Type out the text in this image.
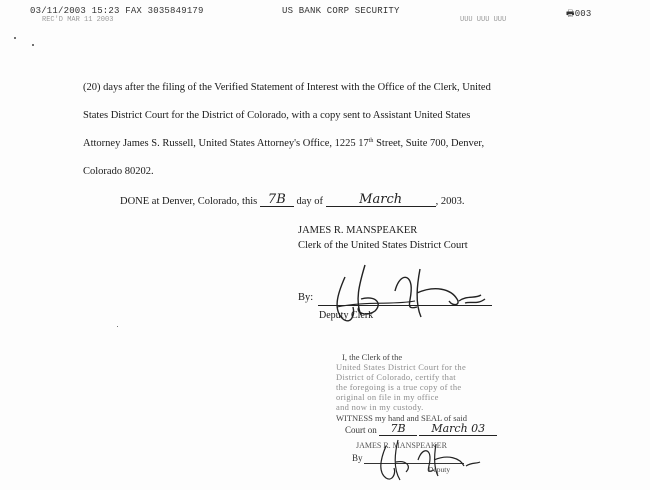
03/11/2003 15:23 FAX 3035849179	US BANK CORP SECURITY	🖶003
REC'D MAR 11 2003	UUU UUU UUU
(20) days after the filing of the Verified Statement of Interest with the Office of the Clerk, United
States District Court for the District of Colorado, with a copy sent to Assistant United States
Attorney James S. Russell, United States Attorney's Office, 1225 17th Street, Suite 700, Denver,
Colorado 80202.
DONE at Denver, Colorado, this 7B day of	March	, 2003.
JAMES R. MANSPEAKER
Clerk of the United States District Court
By:
Deputy Clerk
I, the Clerk of the
United States District Court for the
District of Colorado, certify that
the foregoing is a true copy of the
original on file in my office
and now in my custody.
WITNESS my hand and SEAL of said
Court on 7B March 03
JAMES R. MANSPEAKER
By
Deputy
